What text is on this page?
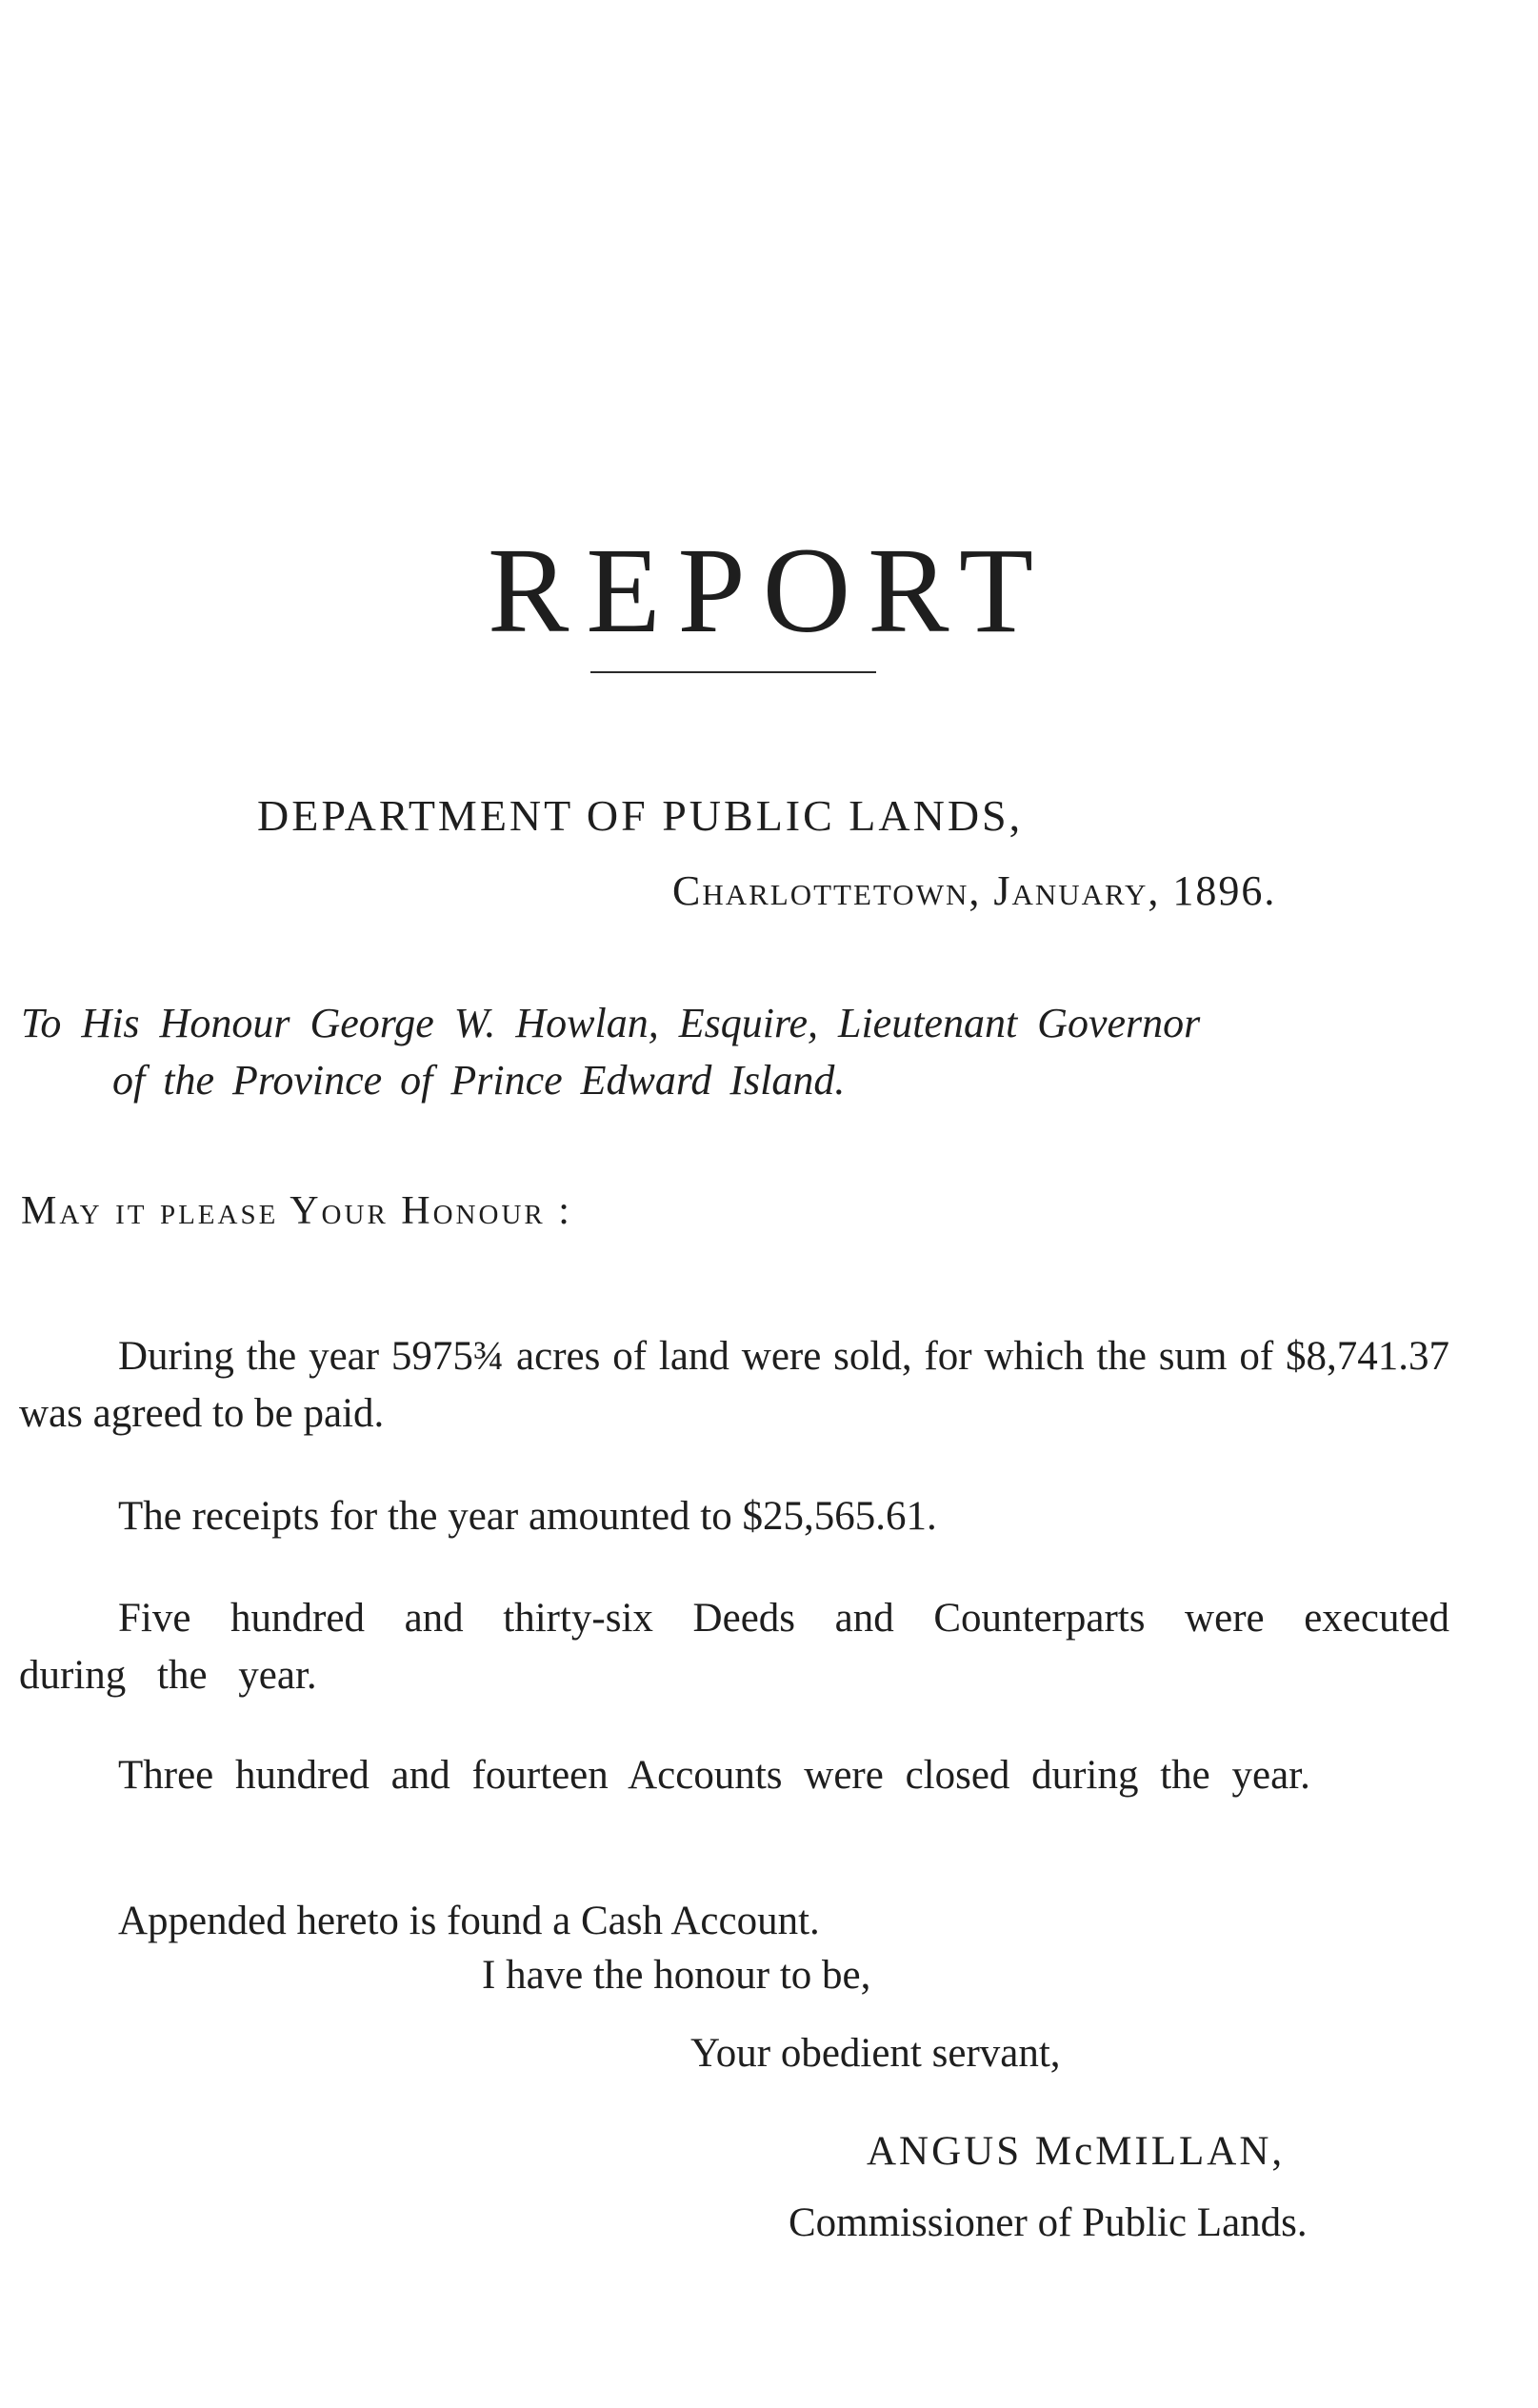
REPORT
DEPARTMENT OF PUBLIC LANDS,
Charlottetown, January, 1896.
To His Honour George W. Howlan, Esquire, Lieutenant Governor
of the Province of Prince Edward Island.
May it please Your Honour :

During the year 5975¾ acres of land were sold, for which the sum of $8,741.37 was agreed to be paid.

The receipts for the year amounted to $25,565.61.

Five hundred and thirty-six Deeds and Counterparts were executed during the year.

Three hundred and fourteen Accounts were closed during the year.

Appended hereto is found a Cash Account.

I have the honour to be,
Your obedient servant,
ANGUS McMILLAN,
Commissioner of Public Lands.
